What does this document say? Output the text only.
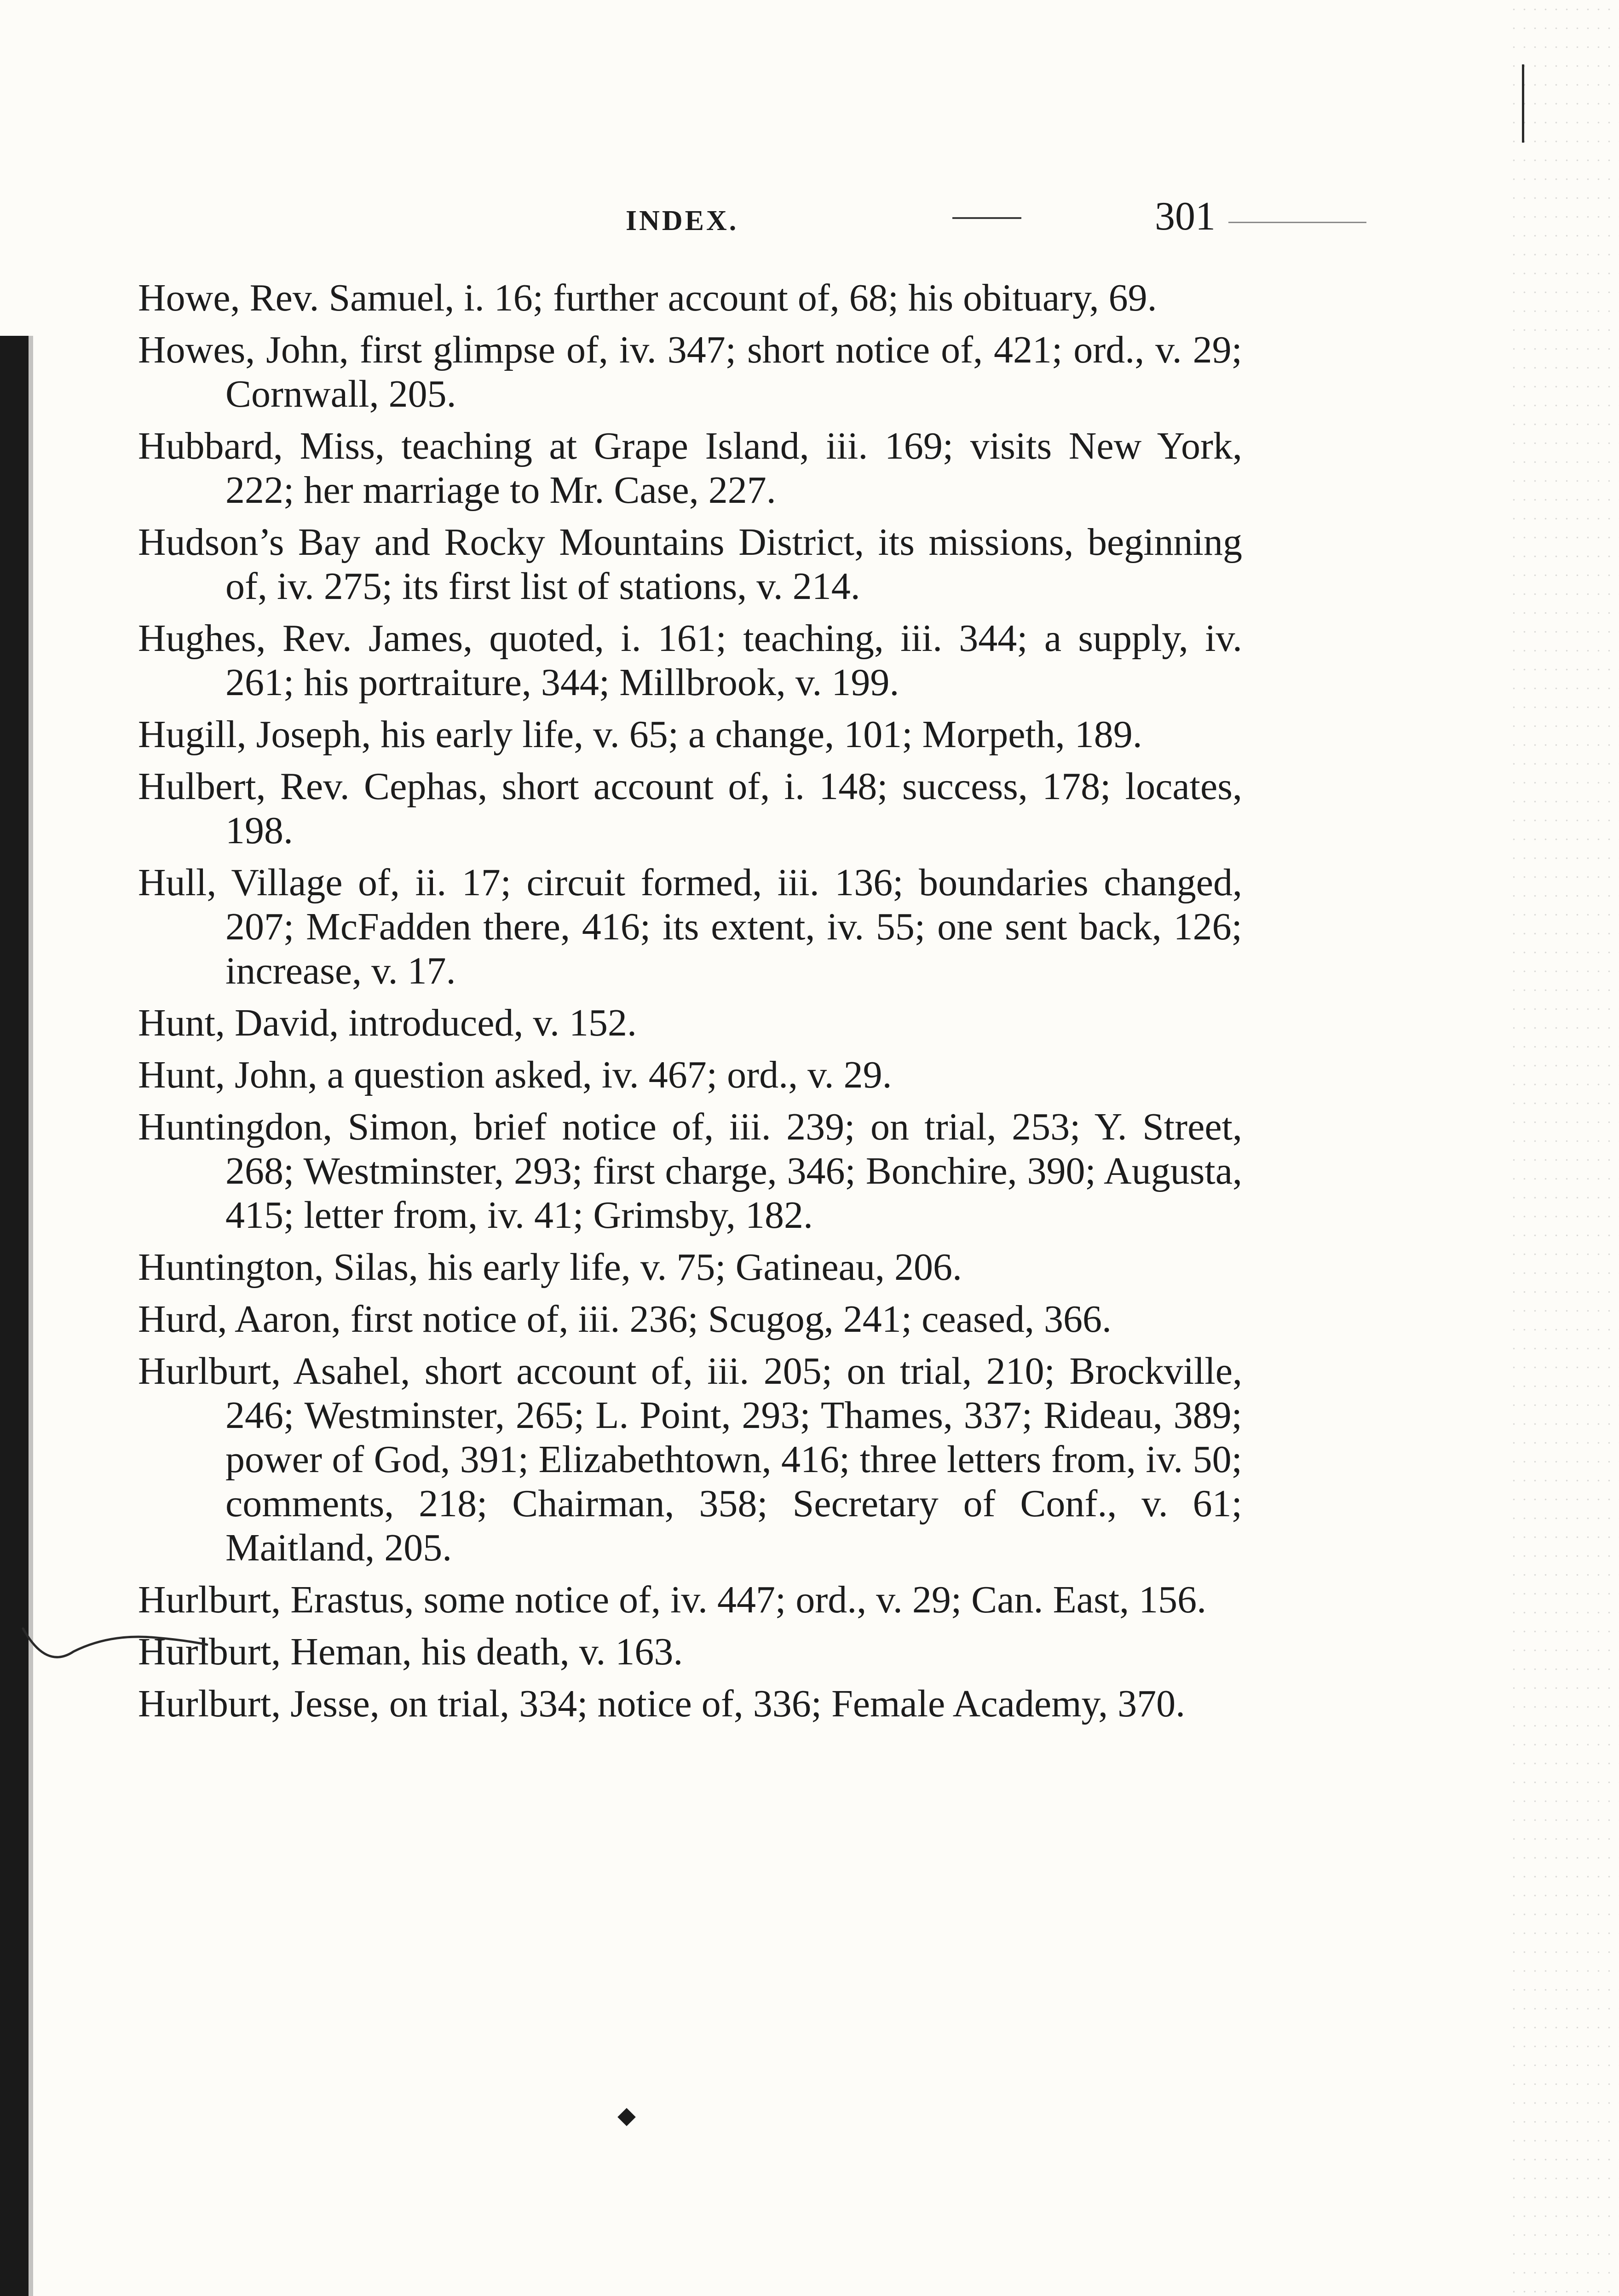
INDEX.	301

Howe, Rev. Samuel, i. 16; further account of, 68; his obituary, 69.

Howes, John, first glimpse of, iv. 347; short notice of, 421; ord., v. 29; Cornwall, 205.

Hubbard, Miss, teaching at Grape Island, iii. 169; visits New York, 222; her marriage to Mr. Case, 227.

Hudson’s Bay and Rocky Mountains District, its missions, beginning of, iv. 275; its first list of stations, v. 214.

Hughes, Rev. James, quoted, i. 161; teaching, iii. 344; a supply, iv. 261; his portraiture, 344; Millbrook, v. 199.

Hugill, Joseph, his early life, v. 65; a change, 101; Morpeth, 189.

Hulbert, Rev. Cephas, short account of, i. 148; success, 178; locates, 198.

Hull, Village of, ii. 17; circuit formed, iii. 136; boundaries changed, 207; McFadden there, 416; its extent, iv. 55; one sent back, 126; increase, v. 17.

Hunt, David, introduced, v. 152.

Hunt, John, a question asked, iv. 467; ord., v. 29.

Huntingdon, Simon, brief notice of, iii. 239; on trial, 253; Y. Street, 268; Westminster, 293; first charge, 346; Bonchire, 390; Augusta, 415; letter from, iv. 41; Grimsby, 182.

Huntington, Silas, his early life, v. 75; Gatineau, 206.

Hurd, Aaron, first notice of, iii. 236; Scugog, 241; ceased, 366.

Hurlburt, Asahel, short account of, iii. 205; on trial, 210; Brockville, 246; Westminster, 265; L. Point, 293; Thames, 337; Rideau, 389; power of God, 391; Elizabethtown, 416; three letters from, iv. 50; comments, 218; Chairman, 358; Secretary of Conf., v. 61; Maitland, 205.

Hurlburt, Erastus, some notice of, iv. 447; ord., v. 29; Can. East, 156.

Hurlburt, Heman, his death, v. 163.

Hurlburt, Jesse, on trial, 334; notice of, 336; Female Academy, 370.
